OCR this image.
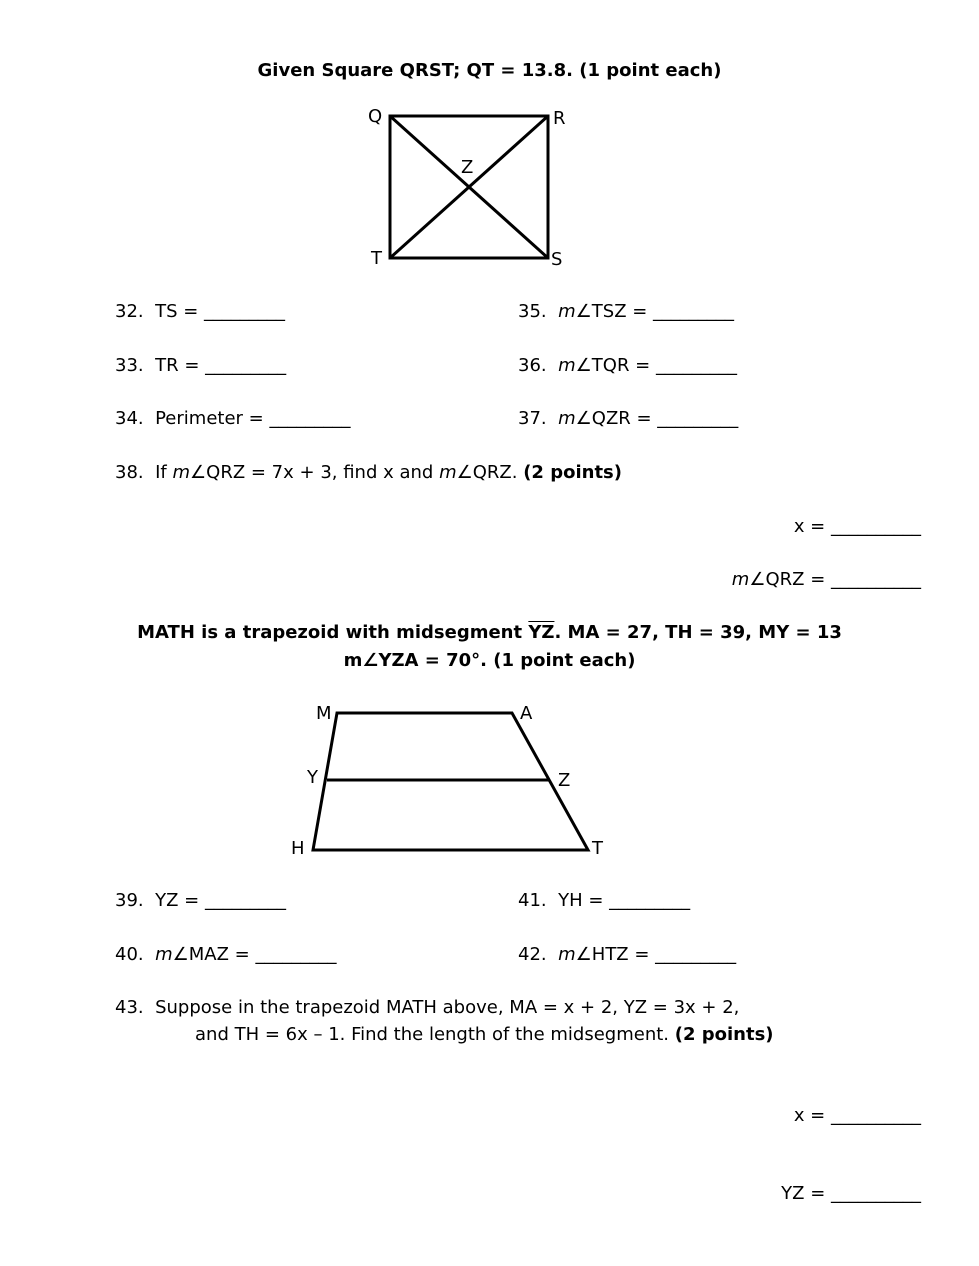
Given Square QRST; QT = 13.8. (1 point each)
Q	R
S
T
Z
32. TS = _________
33. TR = _________
34. Perimeter = _________
35. m∠TSZ = _________
36. m∠TQR = _________
37. m∠QZR = _________
38. If m∠QRZ = 7x + 3, find x and m∠QRZ. (2 points)
x = __________
m∠QRZ = __________
MATH is a trapezoid with midsegment $\overline{YZ}$. MA = 27, TH = 39, MY = 13
m∠YZA = 70°. (1 point each)
M	A
Y	Z
H	T
39. YZ = _________
40. m∠MAZ = _________
41. YH = _________
42. m∠HTZ = _________
43. Suppose in the trapezoid MATH above, MA = x + 2, YZ = 3x + 2,
and TH = 6x – 1. Find the length of the midsegment. (2 points)
x = __________
YZ = __________
